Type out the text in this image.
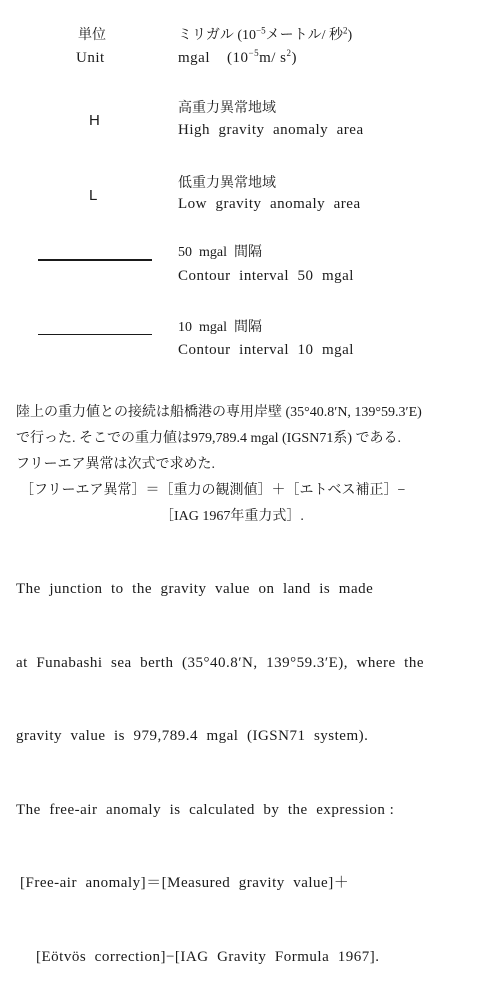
単位	ミリガル ($10^{-5}$メートル/ 秒$^2$)
Unit	mgal    ($10^{-5}m/$ $s^2$)
H
高重力異常地域
High  gravity  anomaly  area
L
低重力異常地域
Low  gravity  anomaly  area
50  mgal  間隔
Contour  interval  50  mgal
10  mgal  間隔
Contour  interval  10  mgal
陸上の重力値との接続は船橋港の専用岸壁 (35°40.8′N, 139°59.3′E)
で行った. そこでの重力値は979,789.4 mgal (IGSN71系) である.
フリーエア異常は次式で求めた.
［フリーエア異常］＝［重力の観測値］＋［エトベス補正］−
［IAG 1967年重力式］.

The  junction  to  the  gravity  value  on  land  is  made

at  Funabashi  sea  berth  (35°40.8′N,  139°59.3′E),  where  the

gravity  value  is  979,789.4  mgal  (IGSN71  system).

The  free-air  anomaly  is  calculated  by  the  expression :

[Free-air  anomaly]＝[Measured  gravity  value]＋

[Eötvös  correction]−[IAG  Gravity  Formula  1967].
